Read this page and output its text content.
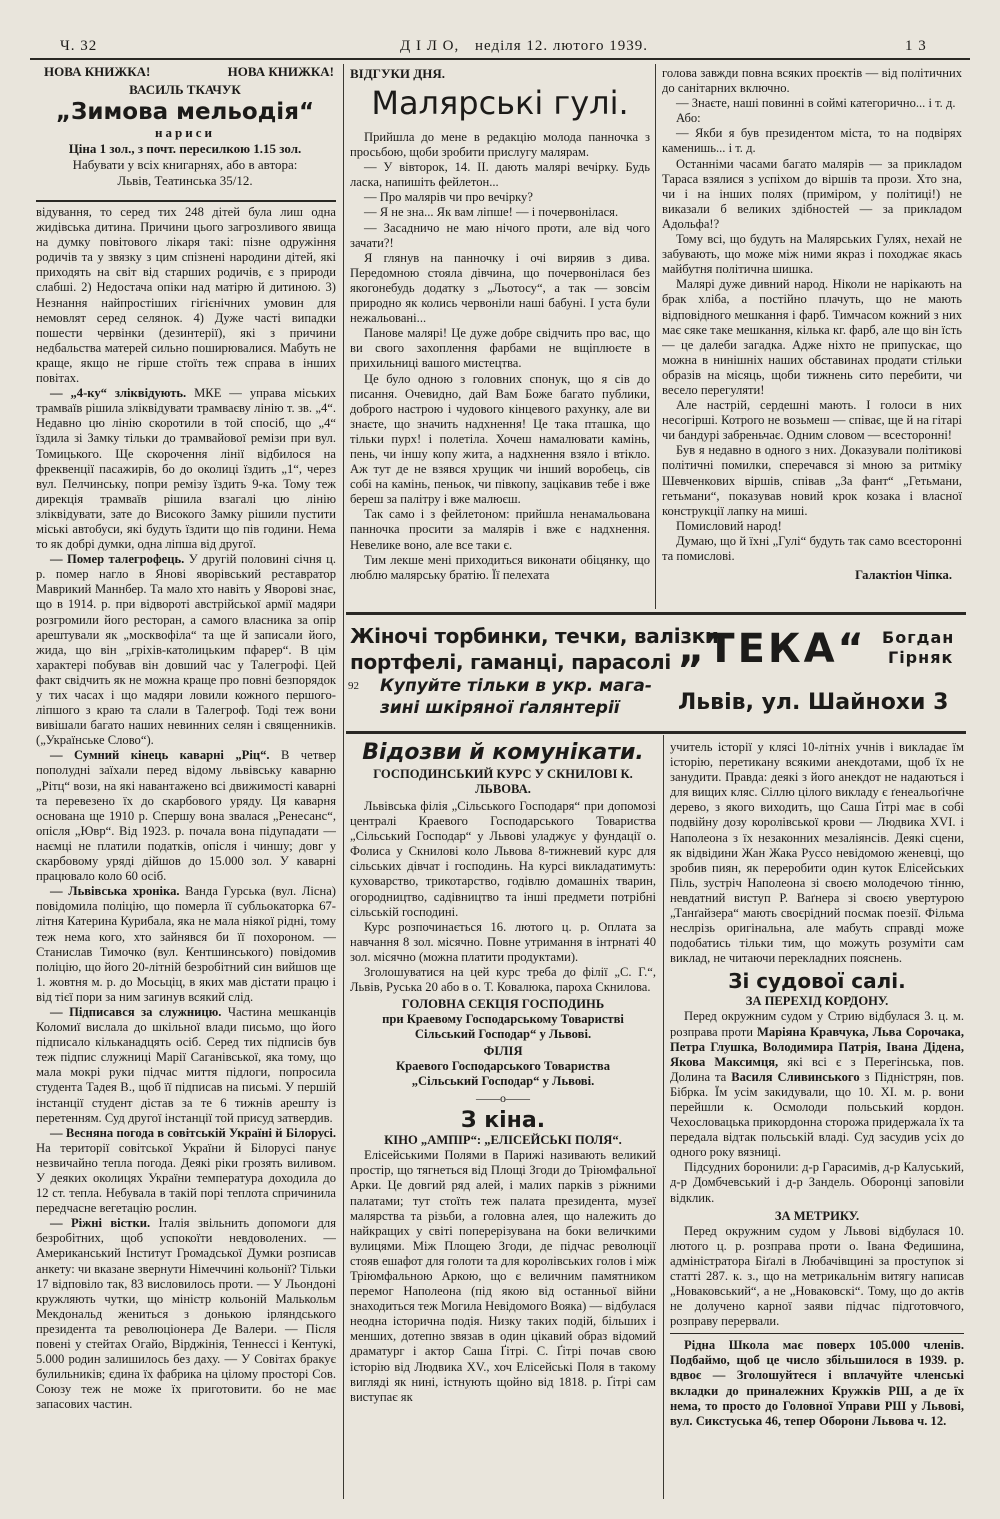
Ч. 32	Д І Л О, неділя 12. лютого 1939.	1 3
НОВА КНИЖКА!	НОВА КНИЖКА!
ВАСИЛЬ ТКАЧУК
„Зимова мельодія“
нариси
Ціна 1 зол., з почт. пересилкою 1.15 зол.
Набувати у всіх книгарнях, або в автора:
Львів, Театинська 35/12.

відування, то серед тих 248 дітей була лиш одна жидівська дитина. Причини цього загрозливого явища на думку повітового лікаря такі: пізне одружіння родичів та у звязку з цим спізнені народини дітей, які приходять на світ від старших родичів, є з природи слабші. 2) Недостача опіки над матірю й дитиною. 3) Незнання найпростіших гігієнічних умовин для немовлят серед селянок. 4) Дуже часті випадки пошести червінки (дезинтерії), які з причини недбальства матерей сильно поширювалися. Мабуть не краще, якщо не гірше стоїть теж справа в інших повітах.

— „4-ку“ зліквідують. МКЕ — управа міських трамваїв рішила зліквідувати трамваєву лінію т. зв. „4“. Недавно цю лінію скоротили в той спосіб, що „4“ їздила зі Замку тільки до трамвайової ремізи при вул. Томицького. Ще скорочення лінії відбилося на фреквенції пасажирів, бо до околиці їздить „1“, через вул. Пелчинську, попри ремізу їздить 9-ка. Тому теж дирекція трамваїв рішила взагалі цю лінію зліквідувати, зате до Високого Замку рішили пустити міські автобуси, які будуть їздити що пів години. Нема то як добрі думки, одна ліпша від другої.

— Помер талегрофець. У другій половині січня ц. р. помер нагло в Янові яворівський реставратор Маврикий Маннбер. Та мало хто навіть у Яворові знає, що в 1914. р. при відвороті австрійської армії мадяри розгромили його ресторан, а самого власника за опір арештували як „москвофіла“ та ще й записали його, жида, що він „гріхів-католицьким пфарер“. В цім характері побував він довший час у Талегрофі. Цей факт свідчить як не можна краще про повні безпорядок у тих часах і що мадяри ловили кожного першого-ліпшого з краю та слали в Талегроф. Тоді теж вони вивішали багато наших невинних селян і священників. („Українське Слово“).

— Сумний кінець каварні „Ріц“. В четвер пополудні заїхали перед відому львівську каварню „Рітц“ вози, на які навантажено всі движимості каварні та перевезено їх до скарбового уряду. Ця каварня основана ще 1910 р. Спершу вона звалася „Ренесанс“, опісля „Ювр“. Від 1923. р. почала вона підупадати — наємці не платили податків, опісля і чиншу; довг у скарбовому уряді дійшов до 15.000 зол. У каварні працювало коло 60 осіб.

— Львівська хроніка. Ванда Гурська (вул. Лісна) повідомила поліцію, що померла її субльокаторка 67-літня Катерина Курибала, яка не мала ніякої рідні, тому теж нема кого, хто зайнявся би її похороном. — Станислав Тимочко (вул. Кентшинського) повідомив поліцію, що його 20-літній безробітний син вийшов ще 1. жовтня м. р. до Мосьціц, в яких мав дістати працю і від тієї пори за ним загинув всякий слід.

— Підписався за служницю. Частина мешканців Коломиї вислала до шкільної влади письмо, що його підписало кільканадцять осіб. Серед тих підписів був теж підпис служниці Марії Саганівської, яка тому, що мала мокрі руки підчас миття підлоги, попросила студента Тадея В., щоб її підписав на письмі. У першій інстанції студент дістав за те 6 тижнів арешту із перетенням. Суд другої інстанції той присуд затвердив.

— Весняна погода в совітській Україні й Білорусі. На території совітської України й Білорусі панує незвичайно тепла погода. Деякі ріки грозять виливом. У деяких околицях України температура доходила до 12 ст. тепла. Небувала в такій порі теплота спричинила передчасне вегетацію рослин.

— Ріжні вістки. Італія звільнить допомоги для безробітних, щоб успокоїти невдоволених. — Американський Інститут Громадської Думки розписав анкету: чи вказане звернути Німеччині кольонії? Тільки 17 відповіло так, 83 висловилось проти. — У Льондоні кружляють чутки, що міністр кольоній Малькольм Мекдональд жениться з донькою ірляндського президента та революціонера Де Валери. — Після повені у стейтах Огайо, Вірджінія, Теннессі і Кентукі, 5.000 родин залишилось без даху. — У Совітах бракує булильників; єдина їх фабрика на цілому просторі Сов. Союзу теж не може їх приготовити. бо не має запасових частин.

ВІДГУКИ ДНЯ.
Малярські гулі.

Прийшла до мене в редакцію молода панночка з просьбою, щоби зробити прислугу малярам.

— У вівторок, 14. II. дають малярі вечірку. Будь ласка, напишіть фейлетон...

— Про малярів чи про вечірку?

— Я не зна... Як вам ліпше! — і почервонілася.

— Засадничо не маю нічого проти, але від чого зачати?!

Я глянув на панночку і очі виряив з дива. Передомною стояла дівчина, що почервонілася без якогонебудь додатку з „Льотосу“, а так — зовсім природно як колись червоніли наші бабуні. І уста були нежальовані...

Панове малярі! Це дуже добре свідчить про вас, що ви свого захоплення фарбами не вщіплюєте в прихильниці вашого мистецтва.

Це було одною з головних спонук, що я сів до писання. Очевидно, дай Вам Боже багато публики, доброго настрою і чудового кінцевого рахунку, але ви знаєте, що значить надхнення! Це така пташка, що тільки пурх! і полетіла. Хочеш намалювати камінь, пень, чи іншу копу жита, а надхнення взяло і втікло. Аж тут де не взявся хрущик чи інший воробець, сів собі на камінь, пеньок, чи півкопу, зацікавив тебе і вже береш за палітру і вже малюєш.

Так само і з фейлетоном: прийшла ненамальована панночка просити за малярів і вже є надхнення. Невелике воно, але все таки є.

Тим лекше мені приходиться виконати обіцянку, що люблю малярську братію. Її пелехата

голова завжди повна всяких проєктів — від політичних до санітарних включно.

— Знаєте, наші повинні в соймі категорично... і т. д.

Або:

— Якби я був президентом міста, то на подвірях каменишь... і т. д.

Останніми часами багато малярів — за прикладом Тараса взялися з успіхом до віршів та прози. Хто зна, чи і на інших полях (приміром, у політиці!) не виказали б великих здібностей — за прикладом Адольфа!?

Тому всі, що будуть на Малярських Гулях, нехай не забувають, що може між ними якраз і походжає якась майбутня політична шишка.

Малярі дуже дивний народ. Ніколи не нарікають на брак хліба, а постійно плачуть, що не мають відповідного мешкання і фарб. Тимчасом кожний з них має сяке таке мешкання, кілька кг. фарб, але що він їсть — це далеби загадка. Адже ніхто не припускає, що можна в нинішніх наших обставинах продати стільки образів на місяць, щоби тижнень сито перебити, чи весело перегуляти!

Але настрій, сердешні мають. І голоси в них несогірші. Котрого не возьмеш — співає, ще й на гітарі чи бандурі забреньчає. Одним словом — всесторонні!

Був я недавно в одного з них. Доказували політикові політичні помилки, сперечався зі мною за ритміку Шевченкових віршів, співав „За фант“ „Гетьмани, гетьмани“, показував новий крок козака і власної конструкції лапку на миші.

Помисловий народ!

Думаю, що й їхні „Гулі“ будуть так само всесторонні та помислові.

Галактіон Чіпка.
Жіночі торбинки, течки, валізки,
портфелі, гаманці, парасолі
92 Купуйте тільки в укр. мага-
зині шкіряної ґалянтерії
„ТЕКА“ Богдан
Гірняк
Львів, ул. Шайнохи 3
Відозви й комунікати.
ГОСПОДИНСЬКИЙ КУРС У СКНИЛОВІ К. ЛЬВОВА.

Львівська філія „Сільського Господаря“ при допомозі централі Краевого Господарського Товариства „Сільський Господар“ у Львові уладжує у фундації о. Фолиса у Скнилові коло Львова 8-тижневий курс для сільських дівчат і господинь. На курсі викладатимуть: куховарство, трикотарство, годівлю домашніх тварин, огородництво, садівництво та інші предмети потрібні сільській господині.

Курс розпочинається 16. лютого ц. р. Оплата за навчання 8 зол. місячно. Повне утримання в інтрнаті 40 зол. місячно (можна платити продуктами).

Зголошуватися на цей курс треба до філії „С. Г.“, Львів, Руська 20 або в о. Т. Ковалюка, пароха Скнилова.

ГОЛОВНА СЕКЦІЯ ГОСПОДИНЬ
при Краевому Господарському Товаристві Сільський Господар“ у Львові.
ФІЛІЯ
Краевого Господарського Товариства „Сільський Господар“ у Львові.
——о——
З кіна.
КІНО „АМПІР“: „ЕЛІСЕЙСЬКІ ПОЛЯ“.

Елісейськими Полями в Парижі називають великий простір, що тягнеться від Площі Згоди до Тріюмфальної Арки. Це довгий ряд алей, і малих парків з ріжними палатами; тут стоїть теж палата президента, музеї малярства та різьби, а головна алея, що належить до найкращих у світі поперерізувана на боки величкими вулицями. Між Площею Згоди, де підчас революції стояв ешафот для голоти та для королівських голов і між Тріюмфальною Аркою, що є величним памятником перемог Наполеона (під якою від останньої війни знаходиться теж Могила Невідомого Вояка) — відбулася неодна історична подія. Низку таких подій, більших і менших, дотепно звязав в один цікавий образ відомий драматург і актор Саша Ґітрі. С. Ґітрі почав свою історію від Людвика XV., хоч Елісейські Поля в такому вигляді як нині, істнують щойно від 1818. р. Ґітрі сам виступає як

учитель історії у клясі 10-літніх учнів і викладає їм історію, перетикану всякими анекдотами, щоб їх не занудити. Правда: деякі з його анекдот не надаються і для вищих кляс. Сіллю цілого викладу є ґенеальоґічне дерево, з якого виходить, що Саша Ґітрі має в собі подвійну дозу королівської крови — Людвика XVI. і Наполеона з їх незаконних мезаліянсів. Деякі сцени, як відвідини Жан Жака Руссо невідомою женевці, що зробив пиян, як переробити один куток Елісейських Піль, зустріч Наполеона зі своєю молодечою тінню, невдатний виступ Р. Ваґнера зі своєю увертурою „Танґайзера“ мають своєрідний посмак поезії. Фільма неслрізь оригінальна, але мабуть справді може подобатись тільки тим, що можуть розуміти сам виклад, не читаючи перекладних пояснень.

Зі судової салі.
ЗА ПЕРЕХІД КОРДОНУ.

Перед окружним судом у Стрию відбулася 3. ц. м. розправа проти Маріяна Кравчука, Льва Сорочака, Петра Глушка, Володимира Патрія, Івана Дідена, Якова Максимця, які всі є з Перегінська, пов. Долина та Василя Сливинського з Підністрян, пов. Бібрка. Їм усім закидували, що 10. XI. м. р. вони перейшли к. Осмолоди польський кордон. Чехословацька прикордонна сторожа придержала їх та передала відтак польській владі. Суд засудив усіх до одного року вязниці.

Підсудних боронили: д-р Гарасимів, д-р Калуський, д-р Домбчевський і д-р Зандель. Оборонці заповіли відклик.

ЗА МЕТРИКУ.

Перед окружним судом у Львові відбулася 10. лютого ц. р. розправа проти о. Івана Федишина, адміністратора Біґалі в Любачівщині за проступок зі статті 287. к. з., що на метрикальнім витягу написав „Новаковський“, а не „Новаковскі“. Тому, що до актів не долучено карної заяви підчас підготовчого, розправу перервали.

Рідна Школа має поверх 105.000 членів. Подбаймо, щоб це число збільшилося в 1939. р. вдвоє — Зголошуйтеся і вплачуйте членські вкладки до приналежних Кружків РШ, а де їх нема, то просто до Головної Управи РШ у Львові, вул. Сикстуська 46, тепер Оборони Львова ч. 12.
